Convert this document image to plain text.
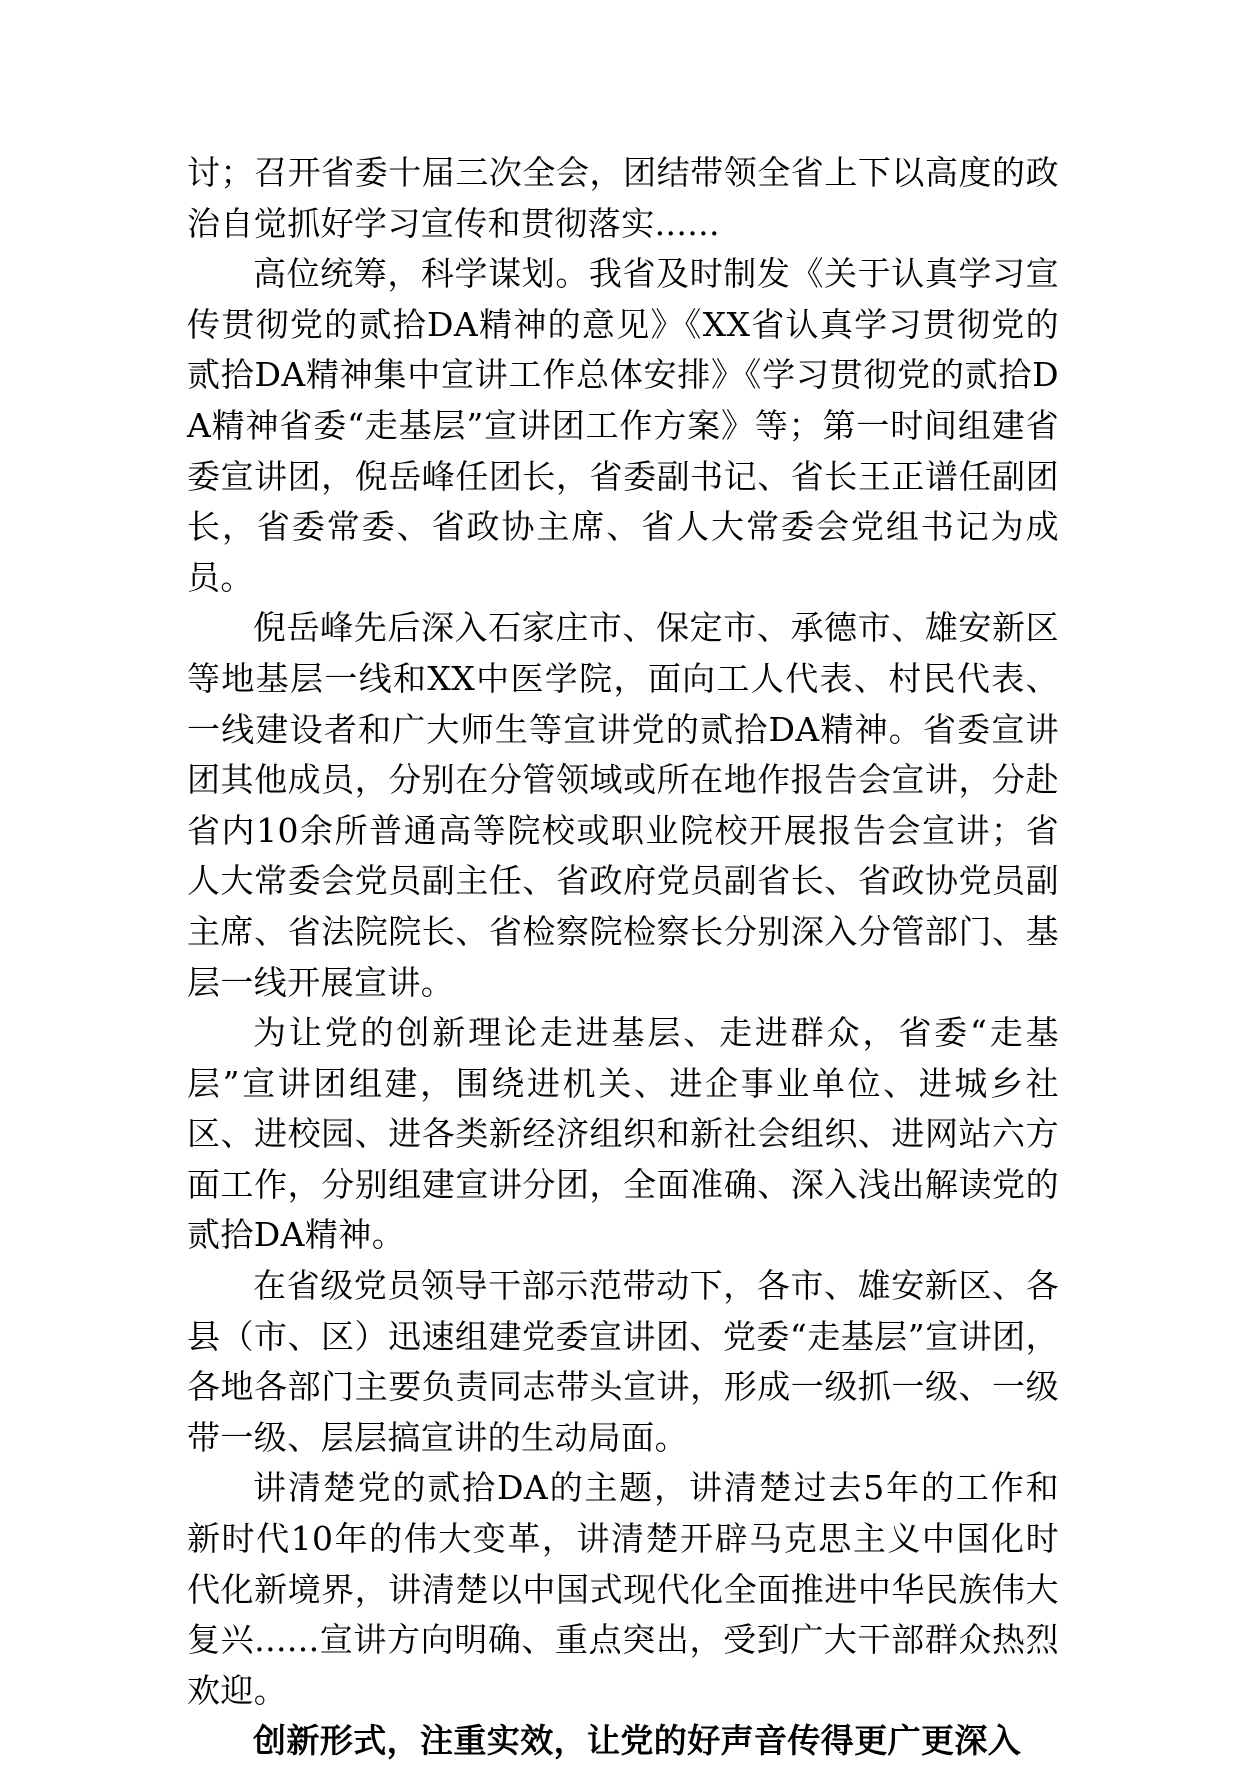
讨；召开省委十届三次全会，团结带领全省上下以高度的政治自觉抓好学习宣传和贯彻落实......

高位统筹，科学谋划。我省及时制发《关于认真学习宣传贯彻党的贰拾DA精神的意见》《XX省认真学习贯彻党的贰拾DA精神集中宣讲工作总体安排》《学习贯彻党的贰拾DA精神省委“走基层”宣讲团工作方案》等；第一时间组建省委宣讲团，倪岳峰任团长，省委副书记、省长王正谱任副团长，省委常委、省政协主席、省人大常委会党组书记为成员。

倪岳峰先后深入石家庄市、保定市、承德市、雄安新区等地基层一线和XX中医学院，面向工人代表、村民代表、一线建设者和广大师生等宣讲党的贰拾DA精神。省委宣讲团其他成员，分别在分管领域或所在地作报告会宣讲，分赴省内10余所普通高等院校或职业院校开展报告会宣讲；省人大常委会党员副主任、省政府党员副省长、省政协党员副主席、省法院院长、省检察院检察长分别深入分管部门、基层一线开展宣讲。

为让党的创新理论走进基层、走进群众，省委“走基层”宣讲团组建，围绕进机关、进企事业单位、进城乡社区、进校园、进各类新经济组织和新社会组织、进网站六方面工作，分别组建宣讲分团，全面准确、深入浅出解读党的贰拾DA精神。

在省级党员领导干部示范带动下，各市、雄安新区、各县（市、区）迅速组建党委宣讲团、党委“走基层”宣讲团，各地各部门主要负责同志带头宣讲，形成一级抓一级、一级带一级、层层搞宣讲的生动局面。

讲清楚党的贰拾DA的主题，讲清楚过去5年的工作和新时代10年的伟大变革，讲清楚开辟马克思主义中国化时代化新境界，讲清楚以中国式现代化全面推进中华民族伟大复兴......宣讲方向明确、重点突出，受到广大干部群众热烈欢迎。

创新形式，注重实效，让党的好声音传得更广更深入
